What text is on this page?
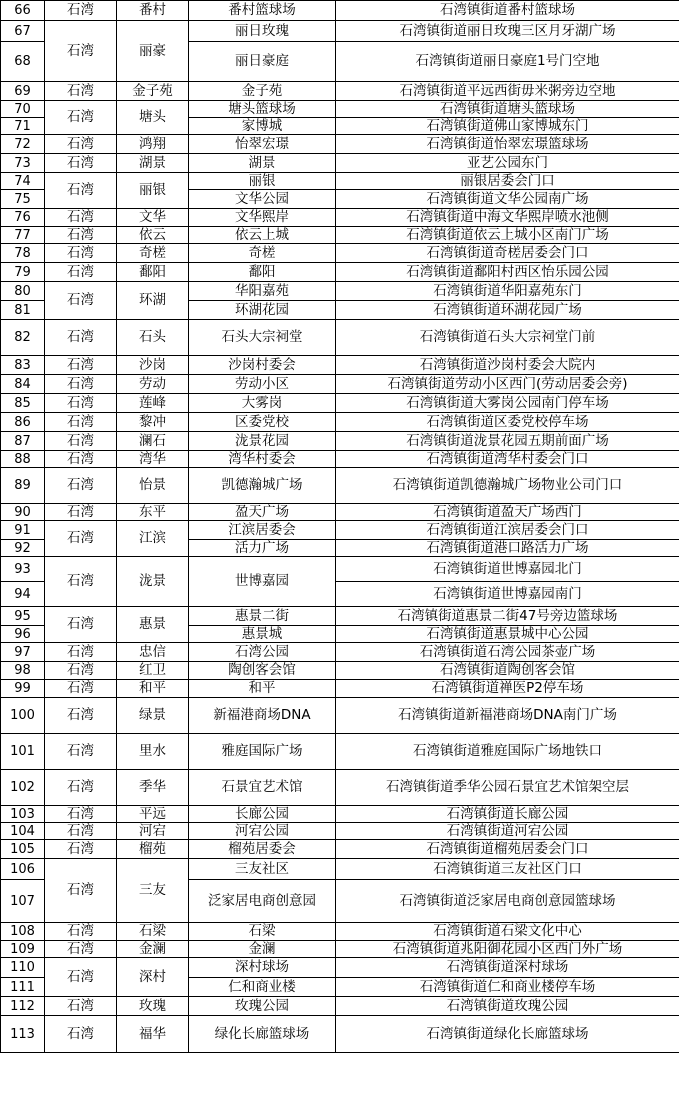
66	石湾	番村	番村篮球场	石湾镇街道番村篮球场
67	石湾	丽豪	丽日玫瑰	石湾镇街道丽日玫瑰三区月牙湖广场
68			丽日豪庭	石湾镇街道丽日豪庭1号门空地
69	石湾	金子苑	金子苑	石湾镇街道平远西街毋米粥旁边空地
70	石湾	塘头	塘头篮球场	石湾镇街道塘头篮球场
71			家博城	石湾镇街道佛山家博城东门
72	石湾	鸿翔	怡翠宏璟	石湾镇街道怡翠宏璟篮球场
73	石湾	湖景	湖景	亚艺公园东门
74	石湾	丽银	丽银	丽银居委会门口
75			文华公园	石湾镇街道文华公园南广场
76	石湾	文华	文华熙岸	石湾镇街道中海文华熙岸喷水池侧
77	石湾	依云	依云上城	石湾镇街道依云上城小区南门广场
78	石湾	奇槎	奇槎	石湾镇街道奇槎居委会门口
79	石湾	鄱阳	鄱阳	石湾镇街道鄱阳村西区怡乐园公园
80	石湾	环湖	华阳嘉苑	石湾镇街道华阳嘉苑东门
81			环湖花园	石湾镇街道环湖花园广场
82	石湾	石头	石头大宗祠堂	石湾镇街道石头大宗祠堂门前
83	石湾	沙岗	沙岗村委会	石湾镇街道沙岗村委会大院内
84	石湾	劳动	劳动小区	石湾镇街道劳动小区西门(劳动居委会旁)
85	石湾	莲峰	大雾岗	石湾镇街道大雾岗公园南门停车场
86	石湾	黎冲	区委党校	石湾镇街道区委党校停车场
87	石湾	澜石	泷景花园	石湾镇街道泷景花园五期前面广场
88	石湾	湾华	湾华村委会	石湾镇街道湾华村委会门口
89	石湾	怡景	凯德瀚城广场	石湾镇街道凯德瀚城广场物业公司门口
90	石湾	东平	盈天广场	石湾镇街道盈天广场西门
91	石湾	江滨	江滨居委会	石湾镇街道江滨居委会门口
92			活力广场	石湾镇街道港口路活力广场
93	石湾	泷景	世博嘉园	石湾镇街道世博嘉园北门
94				石湾镇街道世博嘉园南门
95	石湾	惠景	惠景二街	石湾镇街道惠景二街47号旁边篮球场
96			惠景城	石湾镇街道惠景城中心公园
97	石湾	忠信	石湾公园	石湾镇街道石湾公园茶壶广场
98	石湾	红卫	陶创客会馆	石湾镇街道陶创客会馆
99	石湾	和平	和平	石湾镇街道禅医P2停车场
100	石湾	绿景	新福港商场DNA	石湾镇街道新福港商场DNA南门广场
101	石湾	里水	雅庭国际广场	石湾镇街道雅庭国际广场地铁口
102	石湾	季华	石景宜艺术馆	石湾镇街道季华公园石景宜艺术馆架空层
103	石湾	平远	长廊公园	石湾镇街道长廊公园
104	石湾	河宕	河宕公园	石湾镇街道河宕公园
105	石湾	榴苑	榴苑居委会	石湾镇街道榴苑居委会门口
106	石湾	三友	三友社区	石湾镇街道三友社区门口
107			泛家居电商创意园	石湾镇街道泛家居电商创意园篮球场
108	石湾	石梁	石梁	石湾镇街道石梁文化中心
109	石湾	金澜	金澜	石湾镇街道兆阳御花园小区西门外广场
110	石湾	深村	深村球场	石湾镇街道深村球场
111			仁和商业楼	石湾镇街道仁和商业楼停车场
112	石湾	玫瑰	玫瑰公园	石湾镇街道玫瑰公园
113	石湾	福华	绿化长廊篮球场	石湾镇街道绿化长廊篮球场
